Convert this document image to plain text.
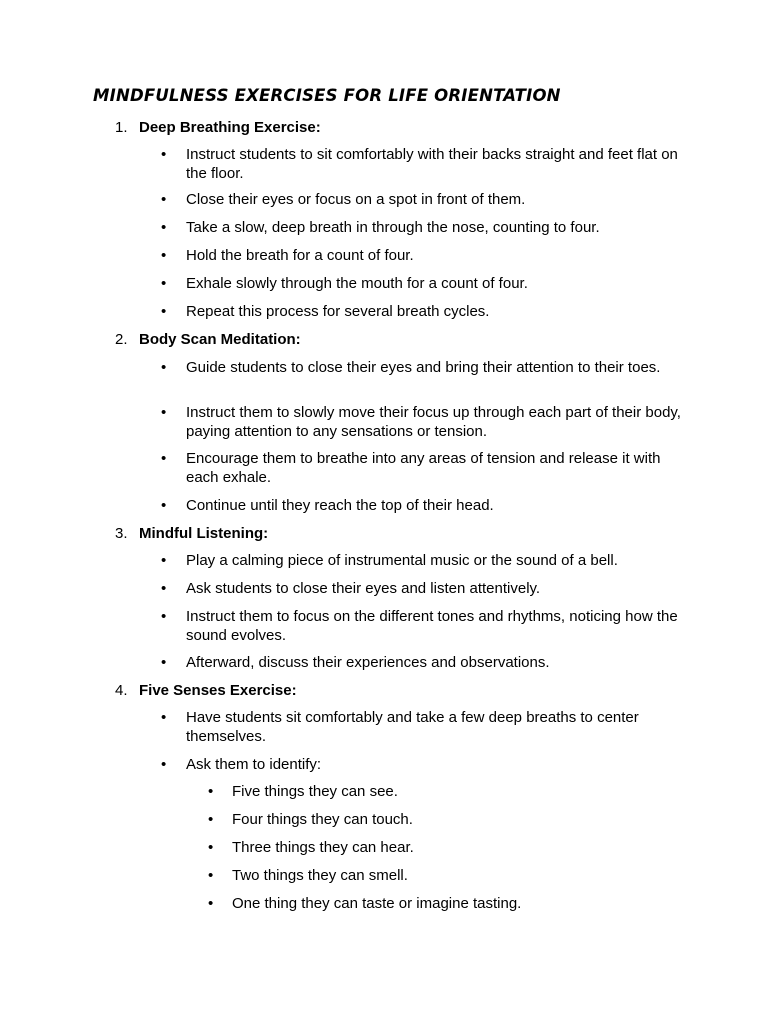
MINDFULNESS EXERCISES FOR LIFE ORIENTATION
1. Deep Breathing Exercise:
• Instruct students to sit comfortably with their backs straight and feet flat on the floor.
• Close their eyes or focus on a spot in front of them.
• Take a slow, deep breath in through the nose, counting to four.
• Hold the breath for a count of four.
• Exhale slowly through the mouth for a count of four.
• Repeat this process for several breath cycles.
2. Body Scan Meditation:
• Guide students to close their eyes and bring their attention to their toes.
• Instruct them to slowly move their focus up through each part of their body, paying attention to any sensations or tension.
• Encourage them to breathe into any areas of tension and release it with each exhale.
• Continue until they reach the top of their head.
3. Mindful Listening:
• Play a calming piece of instrumental music or the sound of a bell.
• Ask students to close their eyes and listen attentively.
• Instruct them to focus on the different tones and rhythms, noticing how the sound evolves.
• Afterward, discuss their experiences and observations.
4. Five Senses Exercise:
• Have students sit comfortably and take a few deep breaths to center themselves.
• Ask them to identify:
• Five things they can see.
• Four things they can touch.
• Three things they can hear.
• Two things they can smell.
• One thing they can taste or imagine tasting.
